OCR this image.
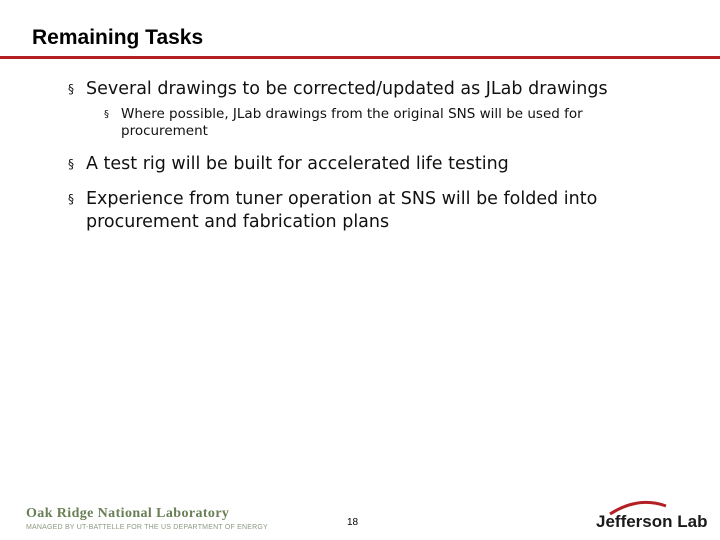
Remaining Tasks
§ Several drawings to be corrected/updated as JLab drawings
§ Where possible, JLab drawings from the original SNS will be used for procurement
§ A test rig will be built for accelerated life testing
§ Experience from tuner operation at SNS will be folded into procurement and fabrication plans
Oak Ridge National Laboratory
MANAGED BY UT-BATTELLE FOR THE US DEPARTMENT OF ENERGY	18	Jefferson Lab
